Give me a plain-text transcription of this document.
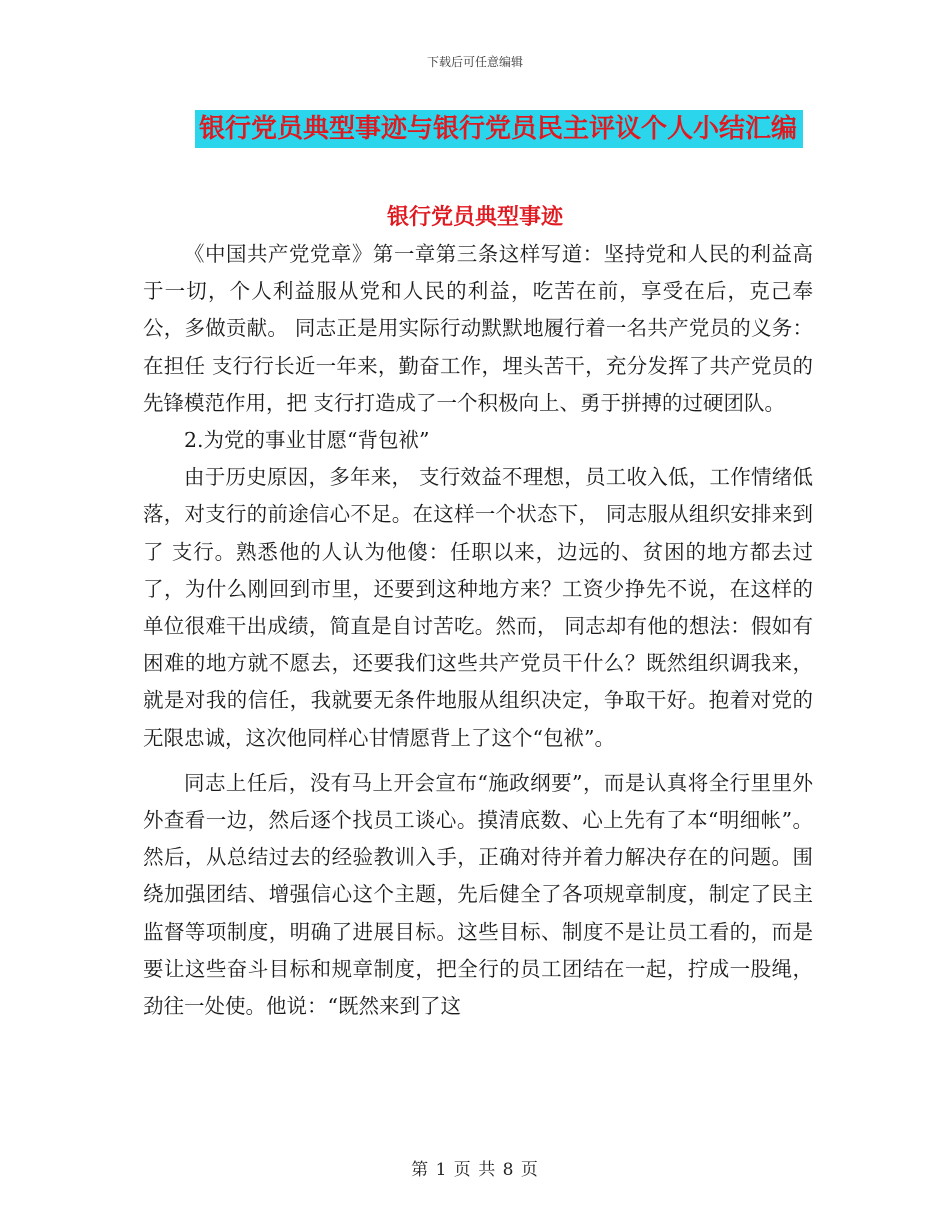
下载后可任意编辑
银行党员典型事迹与银行党员民主评议个人小结汇编
银行党员典型事迹

《中国共产党党章》第一章第三条这样写道：坚持党和人民的利益高于一切，个人利益服从党和人民的利益，吃苦在前，享受在后，克己奉公，多做贡献。 同志正是用实际行动默默地履行着一名共产党员的义务：在担任 支行行长近一年来，勤奋工作，埋头苦干，充分发挥了共产党员的先锋模范作用，把 支行打造成了一个积极向上、勇于拼搏的过硬团队。

2.为党的事业甘愿“背包袱”

由于历史原因，多年来， 支行效益不理想，员工收入低，工作情绪低落，对支行的前途信心不足。在这样一个状态下， 同志服从组织安排来到了 支行。熟悉他的人认为他傻：任职以来，边远的、贫困的地方都去过了，为什么刚回到市里，还要到这种地方来？工资少挣先不说，在这样的单位很难干出成绩，简直是自讨苦吃。然而， 同志却有他的想法：假如有困难的地方就不愿去，还要我们这些共产党员干什么？既然组织调我来，就是对我的信任，我就要无条件地服从组织决定，争取干好。抱着对党的无限忠诚，这次他同样心甘情愿背上了这个“包袱”。

同志上任后，没有马上开会宣布“施政纲要”，而是认真将全行里里外外查看一边，然后逐个找员工谈心。摸清底数、心上先有了本“明细帐”。然后，从总结过去的经验教训入手，正确对待并着力解决存在的问题。围绕加强团结、增强信心这个主题，先后健全了各项规章制度，制定了民主监督等项制度，明确了进展目标。这些目标、制度不是让员工看的，而是要让这些奋斗目标和规章制度，把全行的员工团结在一起，拧成一股绳，劲往一处使。他说：“既然来到了这

第 1 页 共 8 页
